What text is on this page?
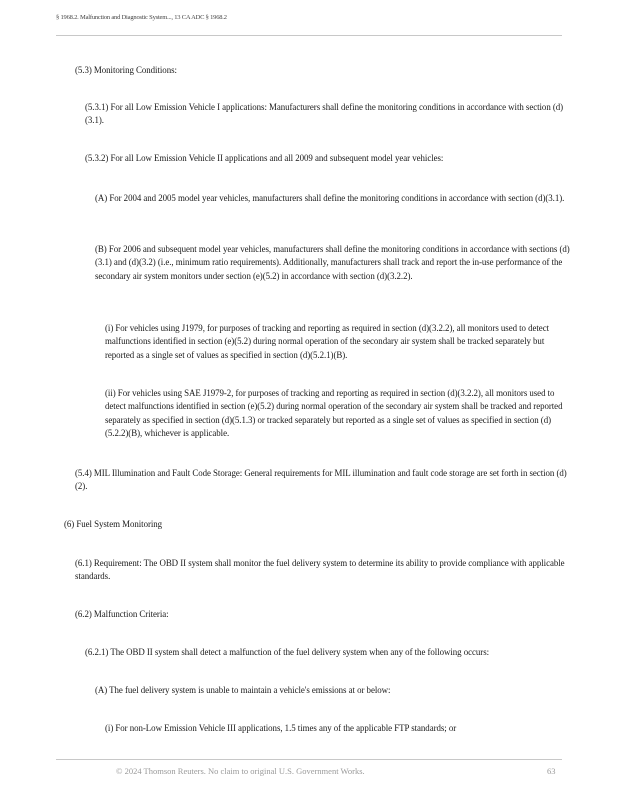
§ 1968.2. Malfunction and Diagnostic System..., 13 CA ADC § 1968.2

(5.3) Monitoring Conditions:

(5.3.1) For all Low Emission Vehicle I applications: Manufacturers shall define the monitoring conditions in accordance with section (d)(3.1).

(5.3.2) For all Low Emission Vehicle II applications and all 2009 and subsequent model year vehicles:

(A) For 2004 and 2005 model year vehicles, manufacturers shall define the monitoring conditions in accordance with section (d)(3.1).

(B) For 2006 and subsequent model year vehicles, manufacturers shall define the monitoring conditions in accordance with sections (d)(3.1) and (d)(3.2) (i.e., minimum ratio requirements). Additionally, manufacturers shall track and report the in-use performance of the secondary air system monitors under section (e)(5.2) in accordance with section (d)(3.2.2).

(i) For vehicles using J1979, for purposes of tracking and reporting as required in section (d)(3.2.2), all monitors used to detect malfunctions identified in section (e)(5.2) during normal operation of the secondary air system shall be tracked separately but reported as a single set of values as specified in section (d)(5.2.1)(B).

(ii) For vehicles using SAE J1979-2, for purposes of tracking and reporting as required in section (d)(3.2.2), all monitors used to detect malfunctions identified in section (e)(5.2) during normal operation of the secondary air system shall be tracked and reported separately as specified in section (d)(5.1.3) or tracked separately but reported as a single set of values as specified in section (d)(5.2.2)(B), whichever is applicable.

(5.4) MIL Illumination and Fault Code Storage: General requirements for MIL illumination and fault code storage are set forth in section (d)(2).

(6) Fuel System Monitoring

(6.1) Requirement: The OBD II system shall monitor the fuel delivery system to determine its ability to provide compliance with applicable standards.

(6.2) Malfunction Criteria:

(6.2.1) The OBD II system shall detect a malfunction of the fuel delivery system when any of the following occurs:

(A) The fuel delivery system is unable to maintain a vehicle's emissions at or below:

(i) For non-Low Emission Vehicle III applications, 1.5 times any of the applicable FTP standards; or

© 2024 Thomson Reuters. No claim to original U.S. Government Works.	63
